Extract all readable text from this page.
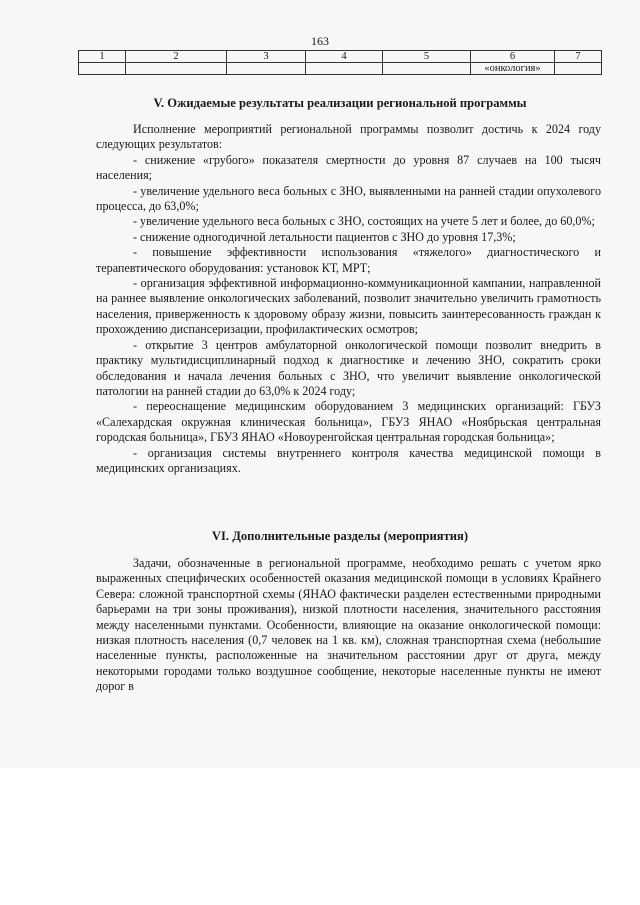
163
1	2	3	4	5	6	7
					«онкология»	
V. Ожидаемые результаты реализации региональной программы

Исполнение мероприятий региональной программы позволит достичь к 2024 году следующих результатов:

- снижение «грубого» показателя смертности до уровня 87 случаев на 100 тысяч населения;

- увеличение удельного веса больных с ЗНО, выявленными на ранней стадии опухолевого процесса, до 63,0%;

- увеличение удельного веса больных с ЗНО, состоящих на учете 5 лет и более, до 60,0%;

- снижение одногодичной летальности пациентов с ЗНО до уровня 17,3%;

- повышение эффективности использования «тяжелого» диагностического и терапевтического оборудования: установок КТ, МРТ;

- организация эффективной информационно-коммуникационной кампании, направленной на раннее выявление онкологических заболеваний, позволит значительно увеличить грамотность населения, приверженность к здоровому образу жизни, повысить заинтересованность граждан к прохождению диспансеризации, профилактических осмотров;

- открытие 3 центров амбулаторной онкологической помощи позволит внедрить в практику мультидисциплинарный подход к диагностике и лечению ЗНО, сократить сроки обследования и начала лечения больных с ЗНО, что увеличит выявление онкологической патологии на ранней стадии до 63,0% к 2024 году;

- переоснащение медицинским оборудованием 3 медицинских организаций: ГБУЗ «Салехардская окружная клиническая больница», ГБУЗ ЯНАО «Ноябрьская центральная городская больница», ГБУЗ ЯНАО «Новоуренгойская центральная городская больница»;

- организация системы внутреннего контроля качества медицинской помощи в медицинских организациях.

VI. Дополнительные разделы (мероприятия)

Задачи, обозначенные в региональной программе, необходимо решать с учетом ярко выраженных специфических особенностей оказания медицинской помощи в условиях Крайнего Севера: сложной транспортной схемы (ЯНАО фактически разделен естественными природными барьерами на три зоны проживания), низкой плотности населения, значительного расстояния между населенными пунктами. Особенности, влияющие на оказание онкологической помощи: низкая плотность населения (0,7 человек на 1 кв. км), сложная транспортная схема (небольшие населенные пункты, расположенные на значительном расстоянии друг от друга, между некоторыми городами только воздушное сообщение, некоторые населенные пункты не имеют дорог в
